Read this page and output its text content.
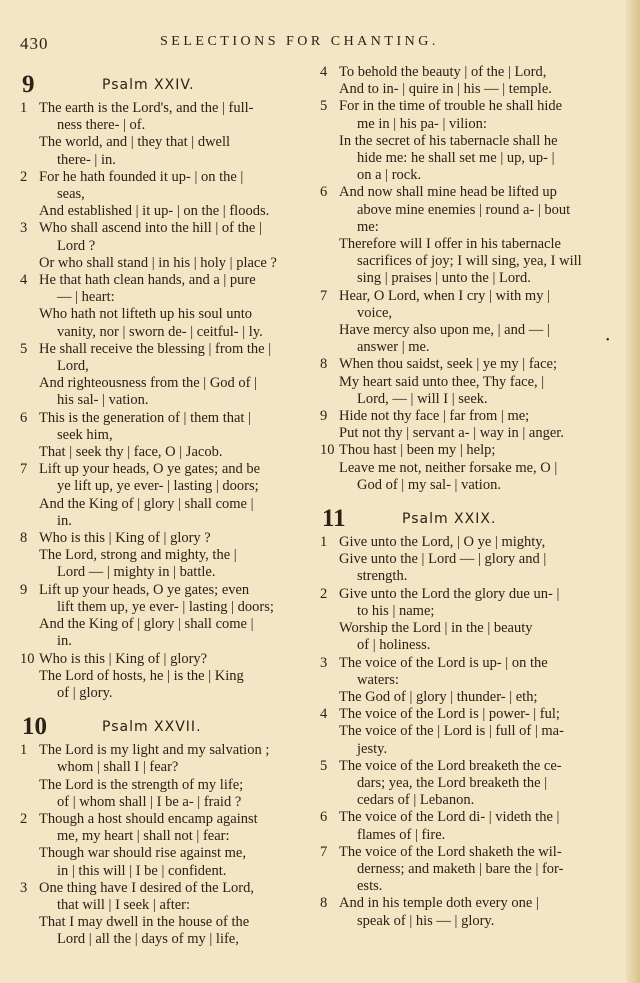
430	SELECTIONS FOR CHANTING.
9	Psalm XXIV.
1 The earth is the Lord's, and the | full-
ness there- | of.
The world, and | they that | dwell
there- | in.
2 For he hath founded it up- | on the |
seas,
And established | it up- | on the | floods.
3 Who shall ascend into the hill | of the |
Lord ?
Or who shall stand | in his | holy | place ?
4 He that hath clean hands, and a | pure
— | heart:
Who hath not lifteth up his soul unto
vanity, nor | sworn de- | ceitful- | ly.
5 He shall receive the blessing | from the |
Lord,
And righteousness from the | God of |
his sal- | vation.
6 This is the generation of | them that |
seek him,
That | seek thy | face, O | Jacob.
7 Lift up your heads, O ye gates; and be
ye lift up, ye ever- | lasting | doors;
And the King of | glory | shall come |
in.
8 Who is this | King of | glory ?
The Lord, strong and mighty, the |
Lord — | mighty in | battle.
9 Lift up your heads, O ye gates; even
lift them up, ye ever- | lasting | doors;
And the King of | glory | shall come |
in.
10 Who is this | King of | glory?
The Lord of hosts, he | is the | King
of | glory.
10	Psalm XXVII.
1 The Lord is my light and my salvation ;
whom | shall I | fear?
The Lord is the strength of my life;
of | whom shall | I be a- | fraid ?
2 Though a host should encamp against
me, my heart | shall not | fear:
Though war should rise against me,
in | this will | I be | confident.
3 One thing have I desired of the Lord,
that will | I seek | after:
That I may dwell in the house of the
Lord | all the | days of my | life,
4 To behold the beauty | of the | Lord,
And to in- | quire in | his — | temple.
5 For in the time of trouble he shall hide
me in | his pa- | vilion:
In the secret of his tabernacle shall he
hide me: he shall set me | up, up- |
on a | rock.
6 And now shall mine head be lifted up
above mine enemies | round a- | bout
me:
Therefore will I offer in his tabernacle
sacrifices of joy; I will sing, yea, I will
sing | praises | unto the | Lord.
7 Hear, O Lord, when I cry | with my |
voice,
Have mercy also upon me, | and — |
answer | me.
8 When thou saidst, seek | ye my | face;
My heart said unto thee, Thy face, |
Lord, — | will I | seek.
9 Hide not thy face | far from | me;
Put not thy | servant a- | way in | anger.
10 Thou hast | been my | help;
Leave me not, neither forsake me, O |
God of | my sal- | vation.
11	Psalm XXIX.
1 Give unto the Lord, | O ye | mighty,
Give unto the | Lord — | glory and |
strength.
2 Give unto the Lord the glory due un- |
to his | name;
Worship the Lord | in the | beauty
of | holiness.
3 The voice of the Lord is up- | on the
waters:
The God of | glory | thunder- | eth;
4 The voice of the Lord is | power- | ful;
The voice of the | Lord is | full of | ma-
jesty.
5 The voice of the Lord breaketh the ce-
dars; yea, the Lord breaketh the |
cedars of | Lebanon.
6 The voice of the Lord di- | videth the |
flames of | fire.
7 The voice of the Lord shaketh the wil-
derness; and maketh | bare the | for-
ests.
8 And in his temple doth every one |
speak of | his — | glory.
•
